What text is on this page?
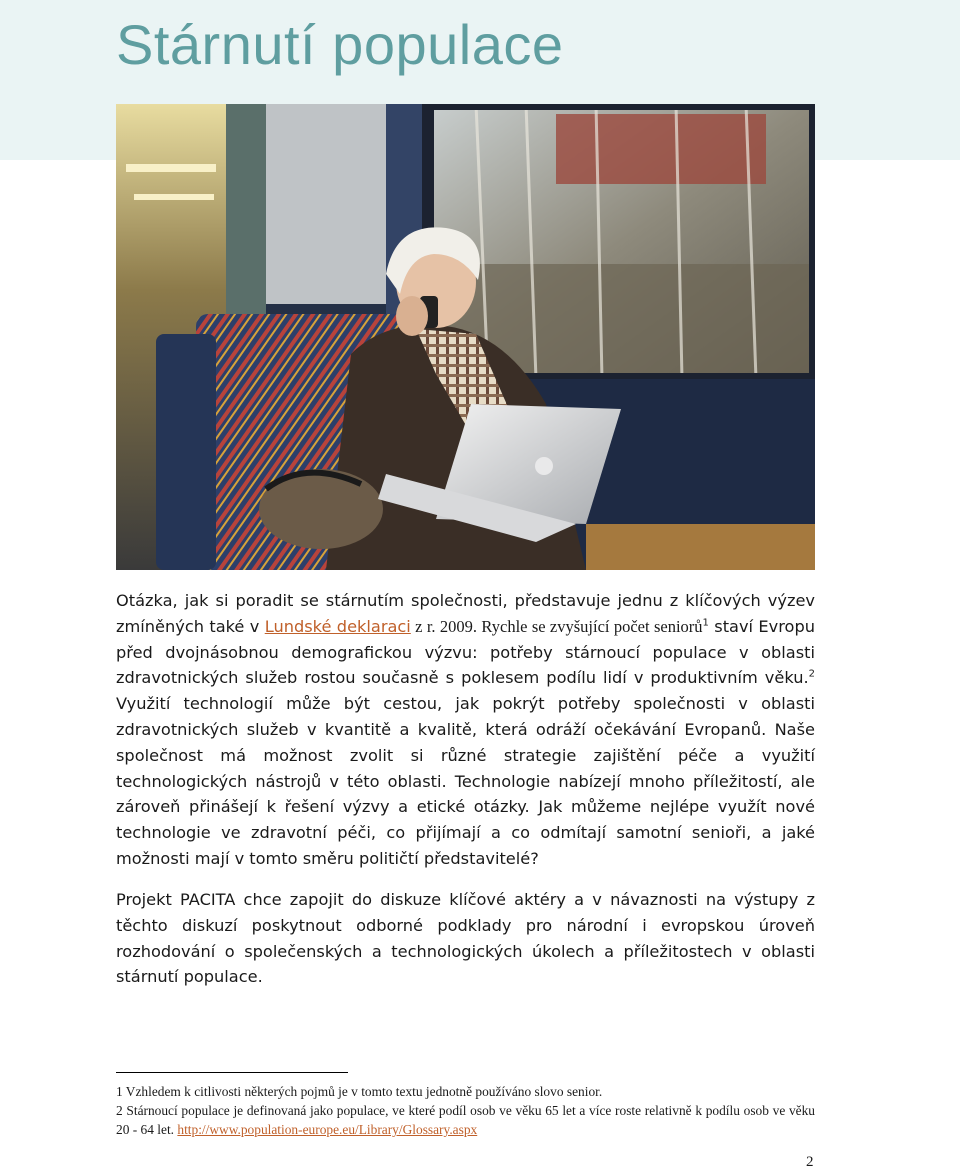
Stárnutí populace

Otázka, jak si poradit se stárnutím společnosti, představuje jednu z klíčových výzev zmíněných také v Lundské deklaraci z r. 2009. Rychle se zvyšující počet seniorů$^1$ staví Evropu před dvojnásobnou demografickou výzvu: potřeby stárnoucí populace v oblasti zdravotnických služeb rostou současně s poklesem podílu lidí v produktivním věku.$^2$ Využití technologií může být cestou, jak pokrýt potřeby společnosti v oblasti zdravotnických služeb v kvantitě a kvalitě, která odráží očekávání Evropanů. Naše společnost má možnost zvolit si různé strategie zajištění péče a využití technologických nástrojů v této oblasti. Technologie nabízejí mnoho příležitostí, ale zároveň přinášejí k řešení výzvy a etické otázky. Jak můžeme nejlépe využít nové technologie ve zdravotní péči, co přijímají a co odmítají samotní senioři, a jaké možnosti mají v tomto směru političtí představitelé?

Projekt PACITA chce zapojit do diskuze klíčové aktéry a v návaznosti na výstupy z těchto diskuzí poskytnout odborné podklady pro národní i evropskou úroveň rozhodování o společenských a technologických úkolech a příležitostech v oblasti stárnutí populace.

1 Vzhledem k citlivosti některých pojmů je v tomto textu jednotně používáno slovo senior.

2 Stárnoucí populace je definovaná jako populace, ve které podíl osob ve věku 65 let a více roste relativně k podílu osob ve věku 20 - 64 let. http://www.population-europe.eu/Library/Glossary.aspx

2
